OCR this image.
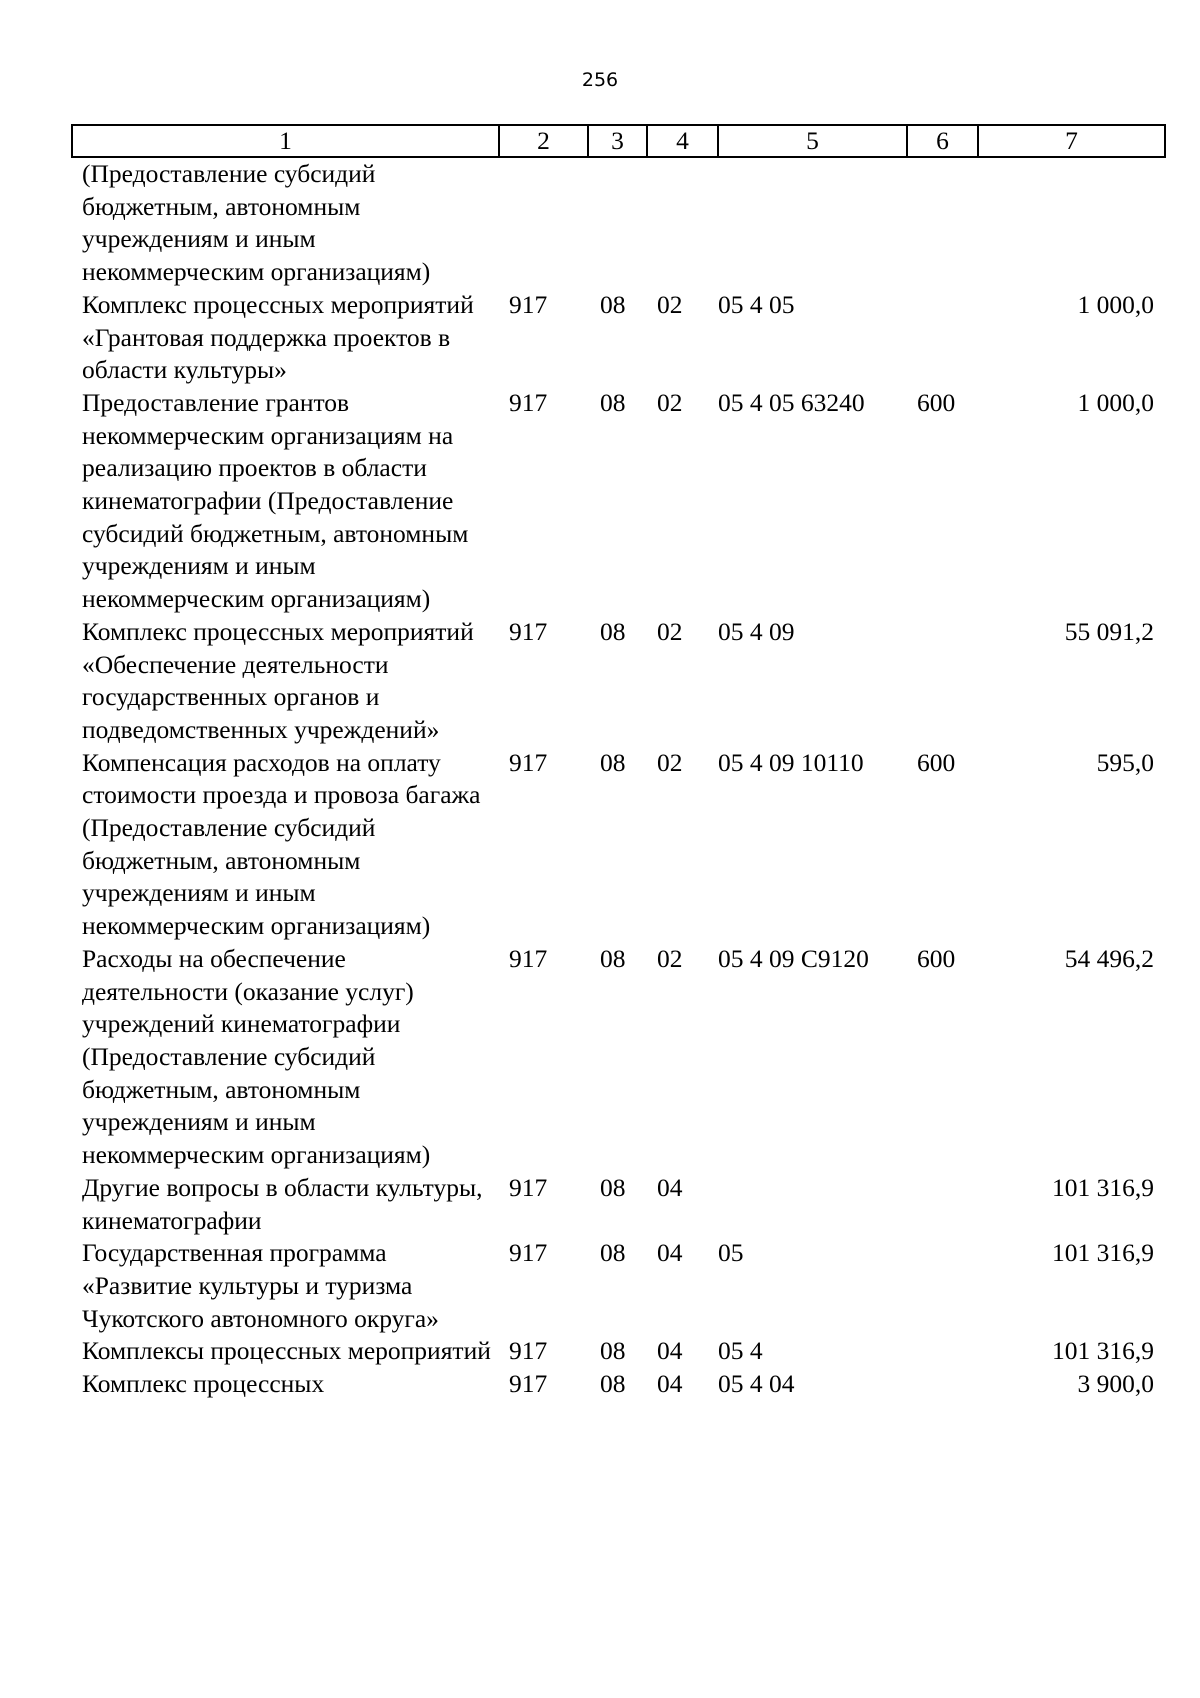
256
1	2	3	4	5	6	7
(Предоставление субсидий бюджетным, автономным учреждениям и иным некоммерческим организациям)						
Комплекс процессных мероприятий «Грантовая поддержка проектов в области культуры»	917	08	02	05 4 05		1 000,0
Предоставление грантов некоммерческим организациям на реализацию проектов в области кинематографии (Предоставление субсидий бюджетным, автономным учреждениям и иным некоммерческим организациям)	917	08	02	05 4 05 63240	600	1 000,0
Комплекс процессных мероприятий «Обеспечение деятельности государственных органов и подведомственных учреждений»	917	08	02	05 4 09		55 091,2
Компенсация расходов на оплату стоимости проезда и провоза багажа (Предоставление субсидий бюджетным, автономным учреждениям и иным некоммерческим организациям)	917	08	02	05 4 09 10110	600	595,0
Расходы на обеспечение деятельности (оказание услуг) учреждений кинематографии (Предоставление субсидий бюджетным, автономным учреждениям и иным некоммерческим организациям)	917	08	02	05 4 09 С9120	600	54 496,2
Другие вопросы в области культуры, кинематографии	917	08	04			101 316,9
Государственная программа «Развитие культуры и туризма Чукотского автономного округа»	917	08	04	05		101 316,9
Комплексы процессных мероприятий	917	08	04	05 4		101 316,9
Комплекс процессных	917	08	04	05 4 04		3 900,0
